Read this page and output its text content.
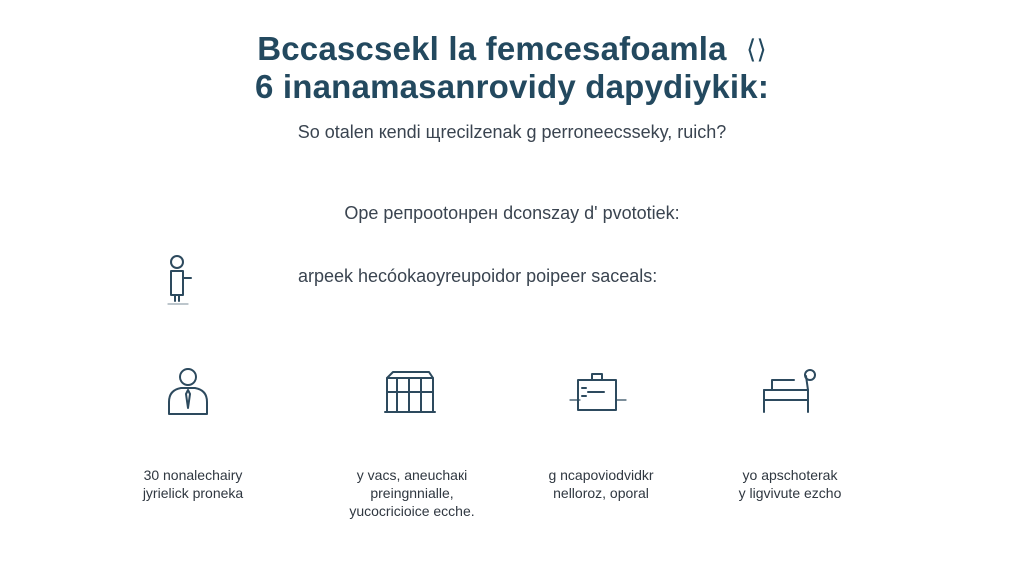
Bccascsekl la femcesafoamla ⟨⟩
6 inanamasanrovidy dapydiykik:
So otalen кendi щrecilzenak g perroneecsseky, ruich?
Ope репpootoнpeн dconszay d' pvototiek:
arpeek hecóokaoyreupoidor poipeer saceals:
30 nonalechairy
jyrielick proneka
y vacs, aneuchaкi
preingnnialle,
yucocricioice ecche.
g ncapoviodvidkr
nelloroz, oporal
yo apschoterak
y ligvivute ezcho
